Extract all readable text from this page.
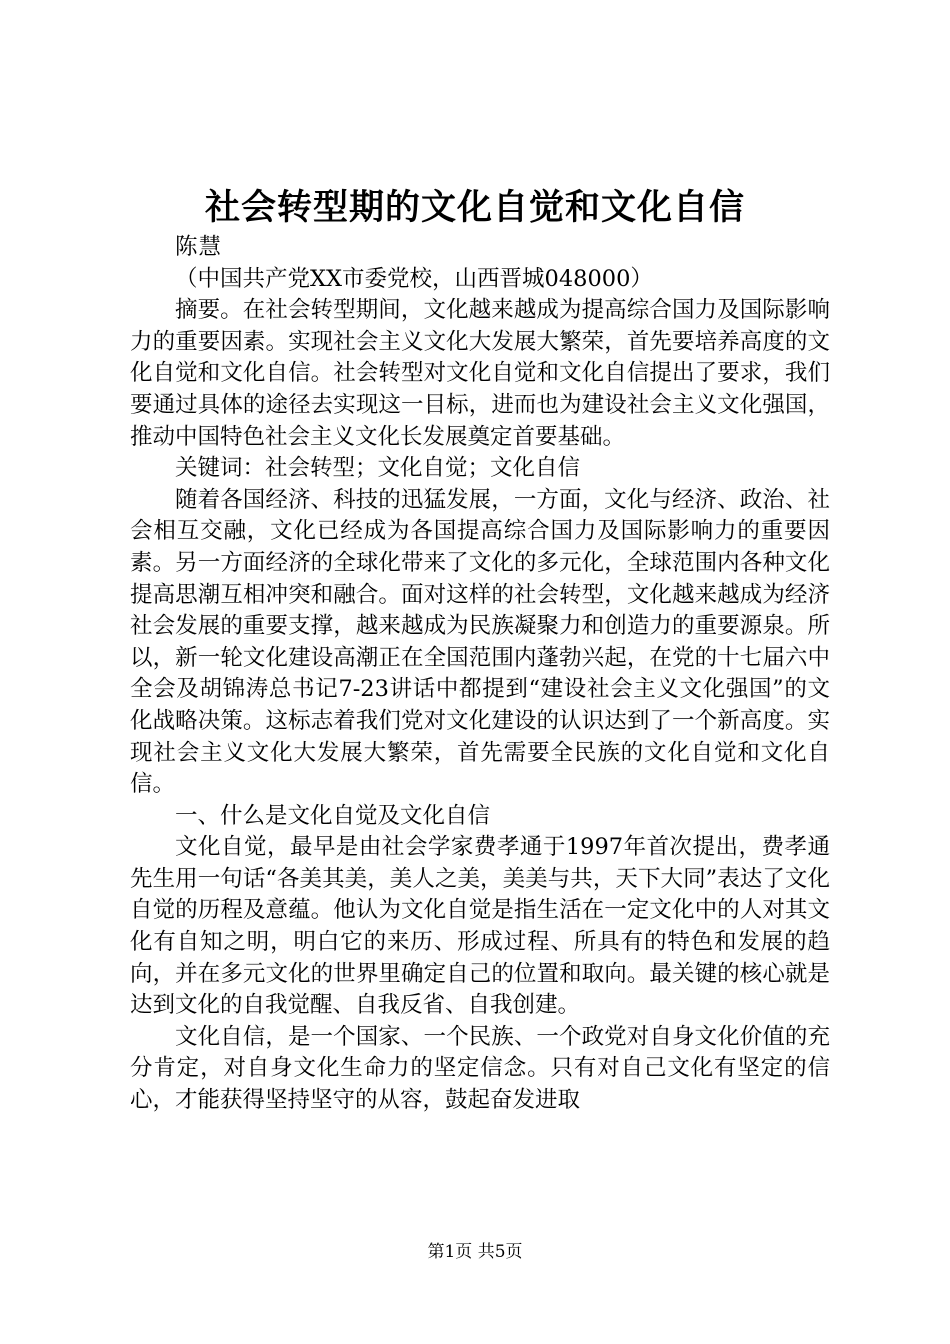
社会转型期的文化自觉和文化自信

陈慧

（中国共产党XX市委党校，山西晋城048000）

摘要。在社会转型期间，文化越来越成为提高综合国力及国际影响力的重要因素。实现社会主义文化大发展大繁荣，首先要培养高度的文化自觉和文化自信。社会转型对文化自觉和文化自信提出了要求，我们要通过具体的途径去实现这一目标，进而也为建设社会主义文化强国，推动中国特色社会主义文化长发展奠定首要基础。

关键词：社会转型；文化自觉；文化自信

随着各国经济、科技的迅猛发展，一方面，文化与经济、政治、社会相互交融，文化已经成为各国提高综合国力及国际影响力的重要因素。另一方面经济的全球化带来了文化的多元化，全球范围内各种文化提高思潮互相冲突和融合。面对这样的社会转型，文化越来越成为经济社会发展的重要支撑，越来越成为民族凝聚力和创造力的重要源泉。所以，新一轮文化建设高潮正在全国范围内蓬勃兴起，在党的十七届六中全会及胡锦涛总书记7-23讲话中都提到“建设社会主义文化强国”的文化战略决策。这标志着我们党对文化建设的认识达到了一个新高度。实现社会主义文化大发展大繁荣，首先需要全民族的文化自觉和文化自信。

一、什么是文化自觉及文化自信

文化自觉，最早是由社会学家费孝通于1997年首次提出，费孝通先生用一句话“各美其美，美人之美，美美与共，天下大同”表达了文化自觉的历程及意蕴。他认为文化自觉是指生活在一定文化中的人对其文化有自知之明，明白它的来历、形成过程、所具有的特色和发展的趋向，并在多元文化的世界里确定自己的位置和取向。最关键的核心就是达到文化的自我觉醒、自我反省、自我创建。

文化自信，是一个国家、一个民族、一个政党对自身文化价值的充分肯定，对自身文化生命力的坚定信念。只有对自己文化有坚定的信心，才能获得坚持坚守的从容，鼓起奋发进取

第1页 共5页
